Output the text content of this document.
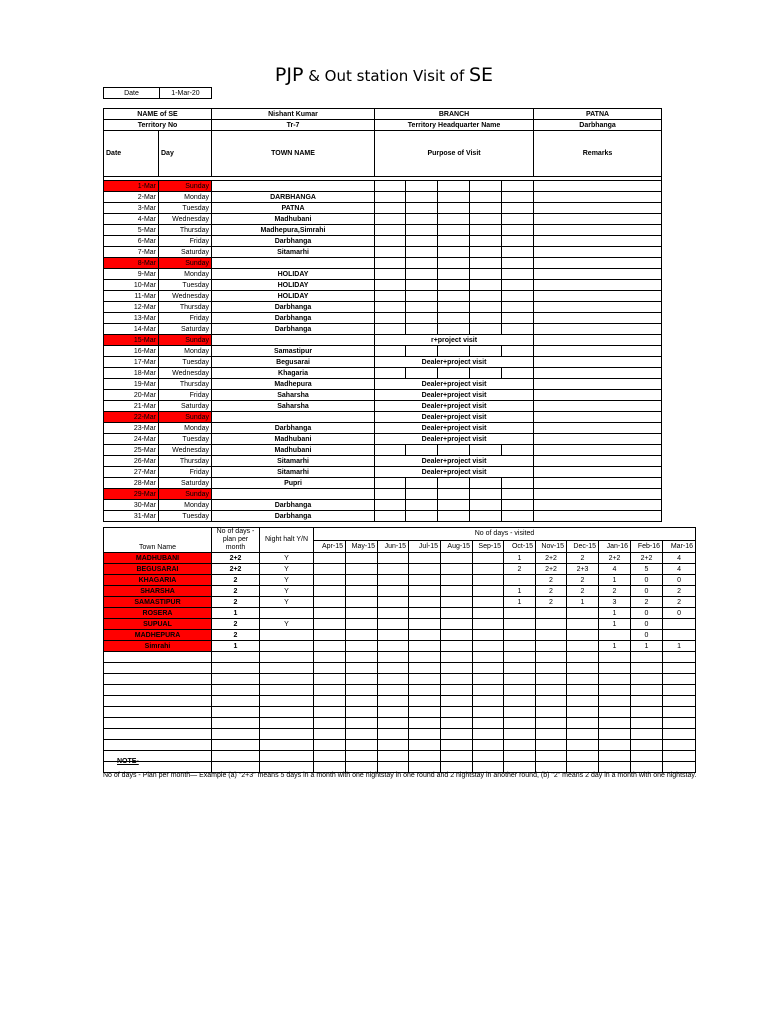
PJP & Out station Visit of SE
Date	1-Mar-20
NAME of SE		Nishant Kumar	BRANCH					PATNA
Territory No		Tr-7	Territory Headquarter Name					Darbhanga
Date	Day	TOWN NAME	Purpose of Visit					Remarks

1-Mar	Sunday							
2-Mar	Monday	DARBHANGA						
3-Mar	Tuesday	PATNA						
4-Mar	Wednesday	Madhubani						
5-Mar	Thursday	Madhepura,Simrahi						
6-Mar	Friday	Darbhanga						
7-Mar	Saturday	Sitamarhi						
8-Mar	Sunday							
9-Mar	Monday	HOLIDAY						
10-Mar	Tuesday	HOLIDAY						
11-Mar	Wednesday	HOLIDAY						
12-Mar	Thursday	Darbhanga						
13-Mar	Friday	Darbhanga						
14-Mar	Saturday	Darbhanga						
15-Mar	Sunday		r+project visit					
16-Mar	Monday	Samastipur						
17-Mar	Tuesday	Begusarai	Dealer+project visit					
18-Mar	Wednesday	Khagaria						
19-Mar	Thursday	Madhepura	Dealer+project visit					
20-Mar	Friday	Saharsha	Dealer+project visit					
21-Mar	Saturday	Saharsha	Dealer+project visit					
22-Mar	Sunday		Dealer+project visit					
23-Mar	Monday	Darbhanga	Dealer+project visit					
24-Mar	Tuesday	Madhubani	Dealer+project visit					
25-Mar	Wednesday	Madhubani						
26-Mar	Thursday	Sitamarhi	Dealer+project visit					
27-Mar	Friday	Sitamarhi	Dealer+project visit					
28-Mar	Saturday	Pupri						
29-Mar	Sunday							
30-Mar	Monday	Darbhanga						
31-Mar	Tuesday	Darbhanga						
Town Name	No of days - plan per month	Night halt Y/N	No of days - visited											
			Apr-15	May-15	Jun-15	Jul-15	Aug-15	Sep-15	Oct-15	Nov-15	Dec-15	Jan-16	Feb-16	Mar-16
MADHUBANI	2+2	Y							1	2+2	2	2+2	2+2	4
BEGUSARAI	2+2	Y							2	2+2	2+3	4	5	4
KHAGARIA	2	Y								2	2	1	0	0
SHARSHA	2	Y							1	2	2	2	0	2
SAMASTIPUR	2	Y							1	2	1	3	2	2
ROSERA	1											1	0	0
SUPUAL	2	Y										1	0	
MADHEPURA	2												0	
Simrahi	1											1	1	1

NOTE-
No of days - Plan per month— Example (a) "2+3" means 5 days in a month with one nightstay in one round and 2 nightstay in another round, (b) "2" means 2 day in a month with one nightstay.
